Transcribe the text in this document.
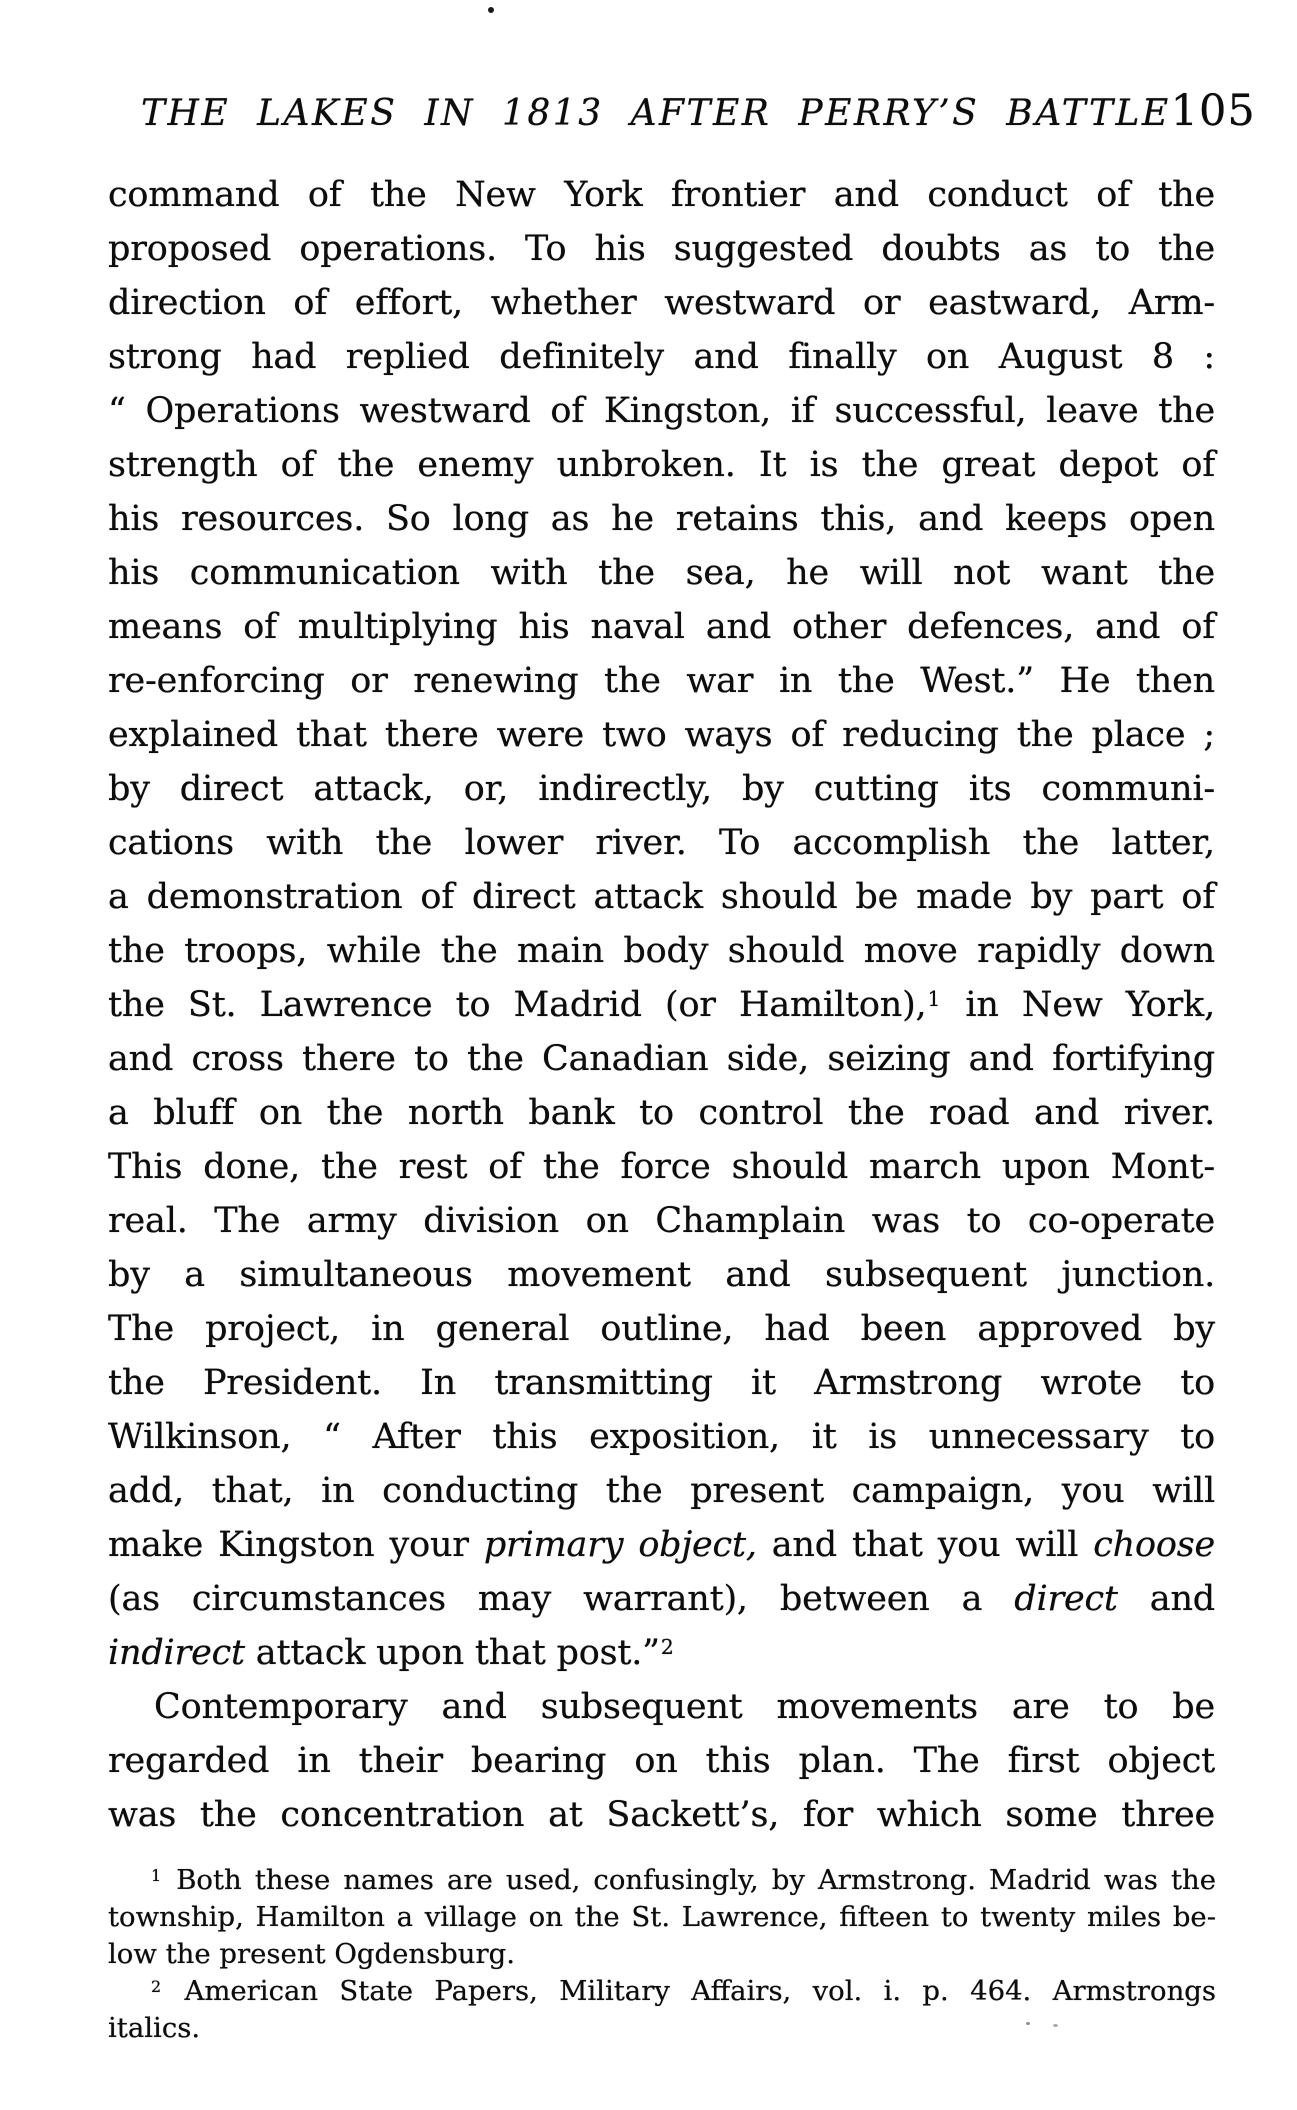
THE LAKES IN 1813 AFTER PERRY’S BATTLE 105
command of the New York frontier and conduct of the
proposed operations. To his suggested doubts as to the
direction of effort, whether westward or eastward, Arm-
strong had replied definitely and finally on August 8 :
“ Operations westward of Kingston, if successful, leave the
strength of the enemy unbroken. It is the great depot of
his resources. So long as he retains this, and keeps open
his communication with the sea, he will not want the
means of multiplying his naval and other defences, and of
re-enforcing or renewing the war in the West.” He then
explained that there were two ways of reducing the place ;
by direct attack, or, indirectly, by cutting its communi-
cations with the lower river. To accomplish the latter,
a demonstration of direct attack should be made by part of
the troops, while the main body should move rapidly down
the St. Lawrence to Madrid (or Hamilton),$^1$ in New York,
and cross there to the Canadian side, seizing and fortifying
a bluff on the north bank to control the road and river.
This done, the rest of the force should march upon Mont-
real. The army division on Champlain was to co-operate
by a simultaneous movement and subsequent junction.
The project, in general outline, had been approved by
the President. In transmitting it Armstrong wrote to
Wilkinson, “ After this exposition, it is unnecessary to
add, that, in conducting the present campaign, you will
make Kingston your primary object, and that you will choose
(as circumstances may warrant), between a direct and
indirect attack upon that post.”$^2$
Contemporary and subsequent movements are to be
regarded in their bearing on this plan. The first object
was the concentration at Sackett’s, for which some three
$^1$ Both these names are used, confusingly, by Armstrong. Madrid was the
township, Hamilton a village on the St. Lawrence, fifteen to twenty miles be-
low the present Ogdensburg.
$^2$ American State Papers, Military Affairs, vol. i. p. 464. Armstrongs
italics.
